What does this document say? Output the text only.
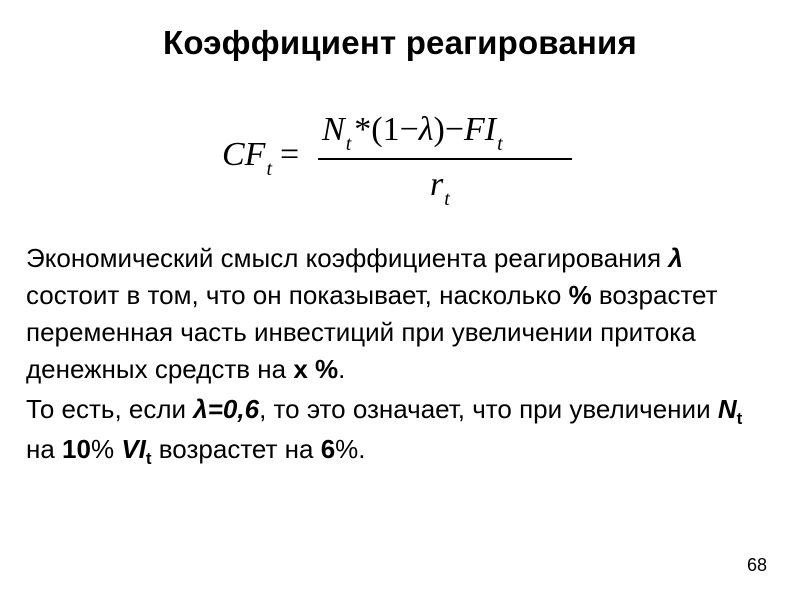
Коэффициент реагирования
$CF_t$ =
$N_t*(1-\lambda)-FI_t$
$r_t$

Экономический смысл коэффициента реагирования λ состоит в том, что он показывает, насколько % возрастет переменная часть инвестиций при увеличении притока денежных средств на x %.

То есть, если λ=0,6, то это означает, что при увеличении $N_t$ на 10% $VI_t$ возрастет на 6%.

68
